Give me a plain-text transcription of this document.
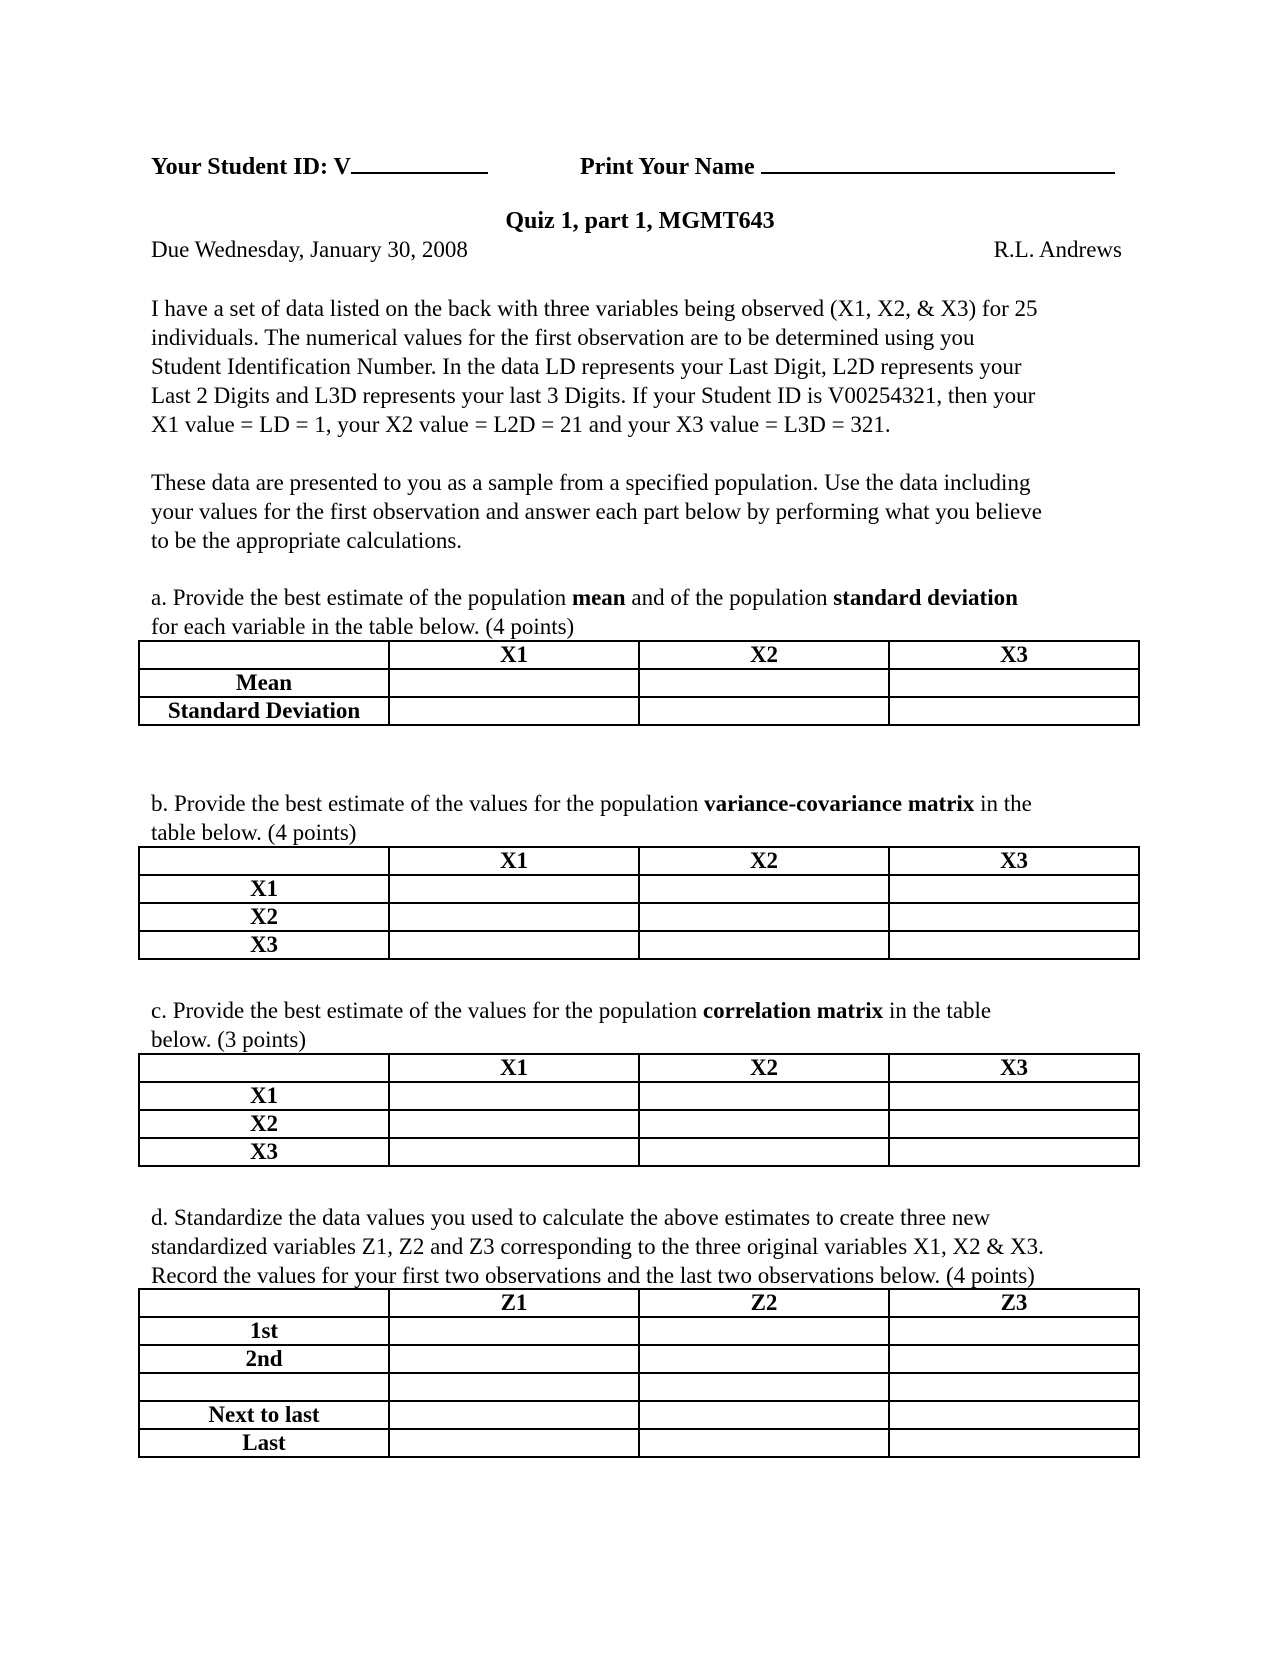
Your Student ID: V	Print Your Name
Quiz 1, part 1, MGMT643
Due Wednesday, January 30, 2008	R.L. Andrews

I have a set of data listed on the back with three variables being observed (X1, X2, & X3) for 25

individuals. The numerical values for the first observation are to be determined using you

Student Identification Number. In the data LD represents your Last Digit, L2D represents your

Last 2 Digits and L3D represents your last 3 Digits. If your Student ID is V00254321, then your

X1 value = LD = 1, your X2 value = L2D = 21 and your X3 value = L3D = 321.

These data are presented to you as a sample from a specified population. Use the data including

your values for the first observation and answer each part below by performing what you believe

to be the appropriate calculations.

a. Provide the best estimate of the population mean and of the population standard deviation

for each variable in the table below. (4 points)

	X1	X2	X3
Mean			
Standard Deviation			

b. Provide the best estimate of the values for the population variance-covariance matrix in the

table below. (4 points)

	X1	X2	X3
X1			
X2			
X3			

c. Provide the best estimate of the values for the population correlation matrix in the table

below. (3 points)

	X1	X2	X3
X1			
X2			
X3			

d. Standardize the data values you used to calculate the above estimates to create three new

standardized variables Z1, Z2 and Z3 corresponding to the three original variables X1, X2 & X3.

Record the values for your first two observations and the last two observations below. (4 points)

	Z1	Z2	Z3
1st			
2nd			

Next to last			
Last			
